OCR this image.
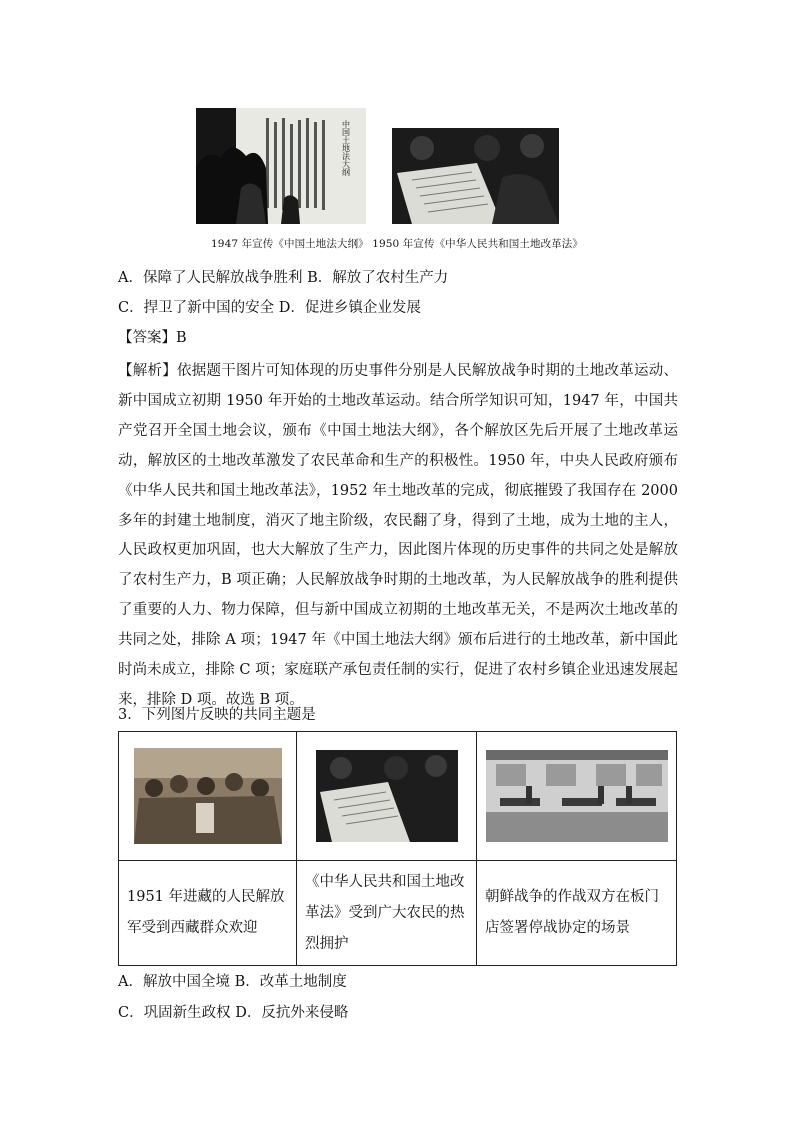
中国土地法大纲
1947 年宣传《中国土地法大纲》 1950 年宣传《中华人民共和国土地改革法》
A．保障了人民解放战争胜利 B．解放了农村生产力
C．捍卫了新中国的安全 D．促进乡镇企业发展
【答案】B
【解析】依据题干图片可知体现的历史事件分别是人民解放战争时期的土地改革运动、新中国成立初期 1950 年开始的土地改革运动。结合所学知识可知，1947 年，中国共产党召开全国土地会议，颁布《中国土地法大纲》，各个解放区先后开展了土地改革运动，解放区的土地改革激发了农民革命和生产的积极性。1950 年，中央人民政府颁布《中华人民共和国土地改革法》，1952 年土地改革的完成，彻底摧毁了我国存在 2000 多年的封建土地制度，消灭了地主阶级，农民翻了身，得到了土地，成为土地的主人，人民政权更加巩固，也大大解放了生产力，因此图片体现的历史事件的共同之处是解放了农村生产力，B 项正确；人民解放战争时期的土地改革，为人民解放战争的胜利提供了重要的人力、物力保障，但与新中国成立初期的土地改革无关，不是两次土地改革的共同之处，排除 A 项；1947 年《中国土地法大纲》颁布后进行的土地改革，新中国此时尚未成立，排除 C 项；家庭联产承包责任制的实行，促进了农村乡镇企业迅速发展起来，排除 D 项。故选 B 项。
3．下列图片反映的共同主题是

1951 年进藏的人民解放军受到西藏群众欢迎	《中华人民共和国土地改革法》受到广大农民的热烈拥护	朝鲜战争的作战双方在板门店签署停战协定的场景
A．解放中国全境 B．改革土地制度
C．巩固新生政权 D．反抗外来侵略
